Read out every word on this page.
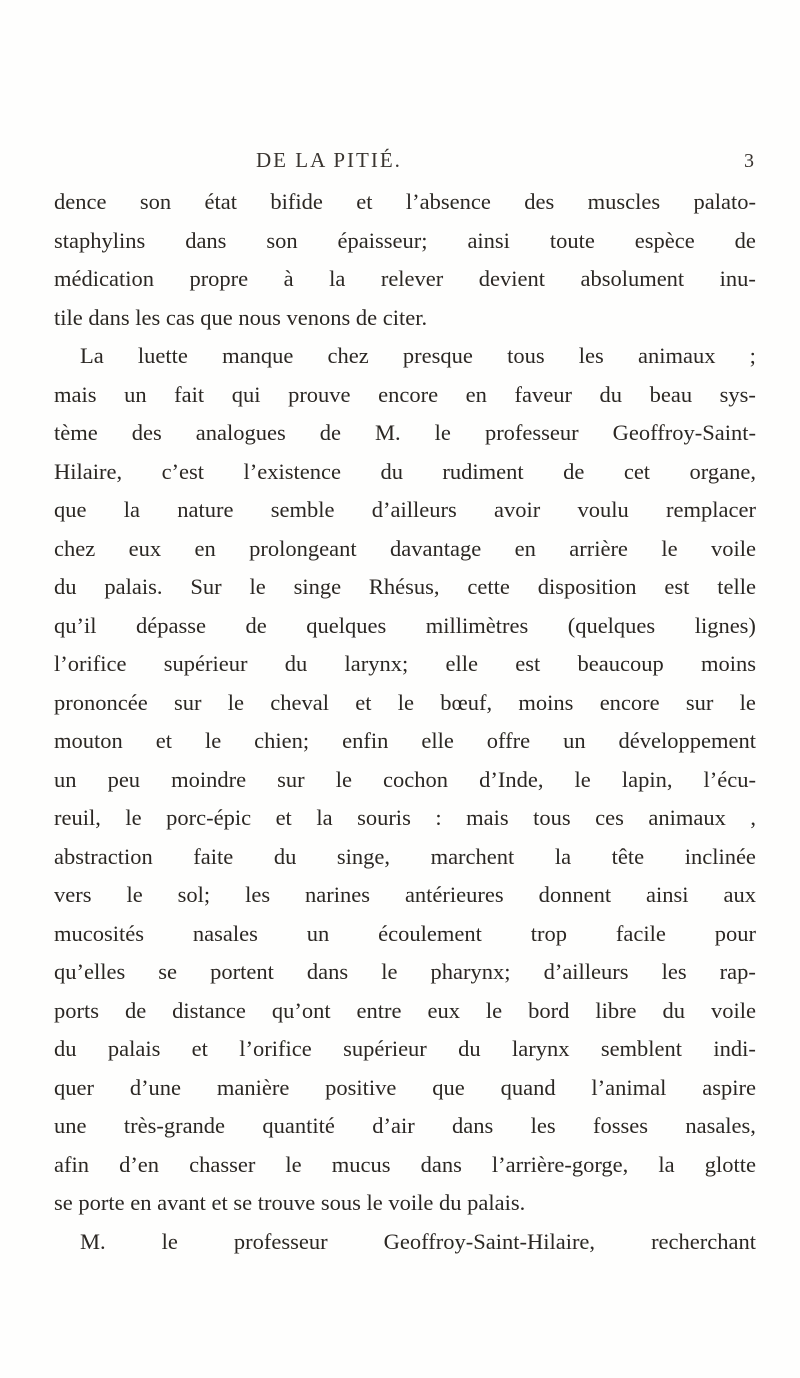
DE LA PITIÉ.	3
dence son état bifide et l’absence des muscles palato-
staphylins dans son épaisseur; ainsi toute espèce de
médication propre à la relever devient absolument inu-
tile
dans
les
cas
que
nous
venons
de
citer.
La luette manque chez presque tous les animaux ;
mais un fait qui prouve encore en faveur du beau sys-
tème des analogues de M. le professeur Geoffroy-Saint-
Hilaire, c’est l’existence du rudiment de cet organe,
que la nature semble d’ailleurs avoir voulu remplacer
chez eux en prolongeant davantage en arrière le voile
du palais. Sur le singe Rhésus, cette disposition est telle
qu’il dépasse de quelques millimètres (quelques lignes)
l’orifice supérieur du larynx; elle est beaucoup moins
prononcée sur le cheval et le bœuf, moins encore sur le
mouton et le chien; enfin elle offre un développement
un peu moindre sur le cochon d’Inde, le lapin, l’écu-
reuil, le porc-épic et la souris : mais tous ces animaux ,
abstraction faite du singe, marchent la tête inclinée
vers le sol; les narines antérieures donnent ainsi aux
mucosités nasales un écoulement trop facile pour
qu’elles se portent dans le pharynx; d’ailleurs les rap-
ports de distance qu’ont entre eux le bord libre du voile
du palais et l’orifice supérieur du larynx semblent indi-
quer d’une manière positive que quand l’animal aspire
une très-grande quantité d’air dans les fosses nasales,
afin d’en chasser le mucus dans l’arrière-gorge, la glotte
se
porte
en
avant
et
se
trouve
sous
le
voile
du
palais.
M. le professeur Geoffroy-Saint-Hilaire, recherchant
